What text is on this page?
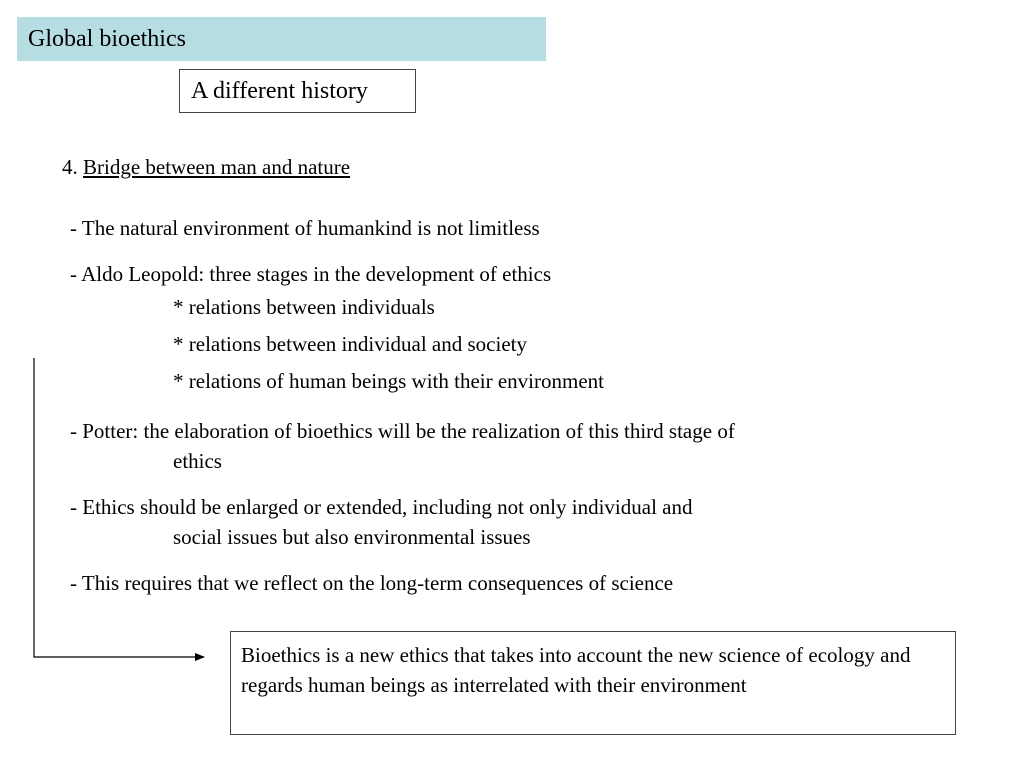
Global bioethics
A different history
4. Bridge between man and nature
- The natural environment of humankind is not limitless
- Aldo Leopold: three stages in the development of ethics
* relations between individuals
* relations between individual and society
* relations of human beings with their environment
- Potter: the elaboration of bioethics will be the realization of this third stage of
ethics
- Ethics should be enlarged or extended, including not only individual and
social issues but also environmental issues
- This requires that we reflect on the long-term consequences of science
Bioethics is a new ethics that takes into account the new science of ecology and regards human beings as interrelated with their environment
